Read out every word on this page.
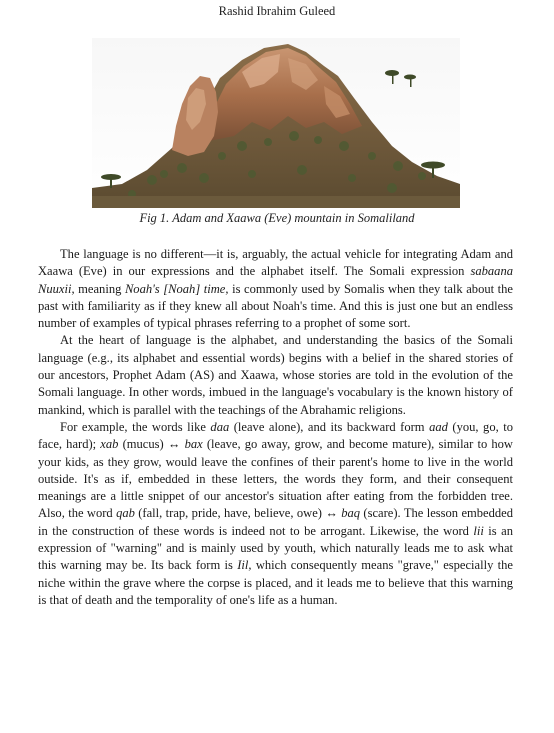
Rashid Ibrahim Guleed
Fig 1. Adam and Xaawa (Eve) mountain in Somaliland

The language is no different—it is, arguably, the actual vehicle for integrating Adam and Xaawa (Eve) in our expressions and the alphabet itself. The Somali expression sabaana Nuuxii, meaning Noah's [Noah] time, is commonly used by Somalis when they talk about the past with familiarity as if they knew all about Noah's time. And this is just one but an endless number of examples of typical phrases referring to a prophet of some sort.

At the heart of language is the alphabet, and understanding the basics of the Somali language (e.g., its alphabet and essential words) begins with a belief in the shared stories of our ancestors, Prophet Adam (AS) and Xaawa, whose stories are told in the evolution of the Somali language. In other words, imbued in the language's vocabulary is the known history of mankind, which is parallel with the teachings of the Abrahamic religions.

For example, the words like daa (leave alone), and its backward form aad (you, go, to face, hard); xab (mucus) ↔ bax (leave, go away, grow, and become mature), similar to how your kids, as they grow, would leave the confines of their parent's home to live in the world outside. It's as if, embedded in these letters, the words they form, and their consequent meanings are a little snippet of our ancestor's situation after eating from the forbidden tree. Also, the word qab (fall, trap, pride, have, believe, owe) ↔ baq (scare). The lesson embedded in the construction of these words is indeed not to be arrogant. Likewise, the word lii is an expression of "warning" and is mainly used by youth, which naturally leads me to ask what this warning may be. Its back form is Iil, which consequently means "grave," especially the niche within the grave where the corpse is placed, and it leads me to believe that this warning is that of death and the temporality of one's life as a human.
